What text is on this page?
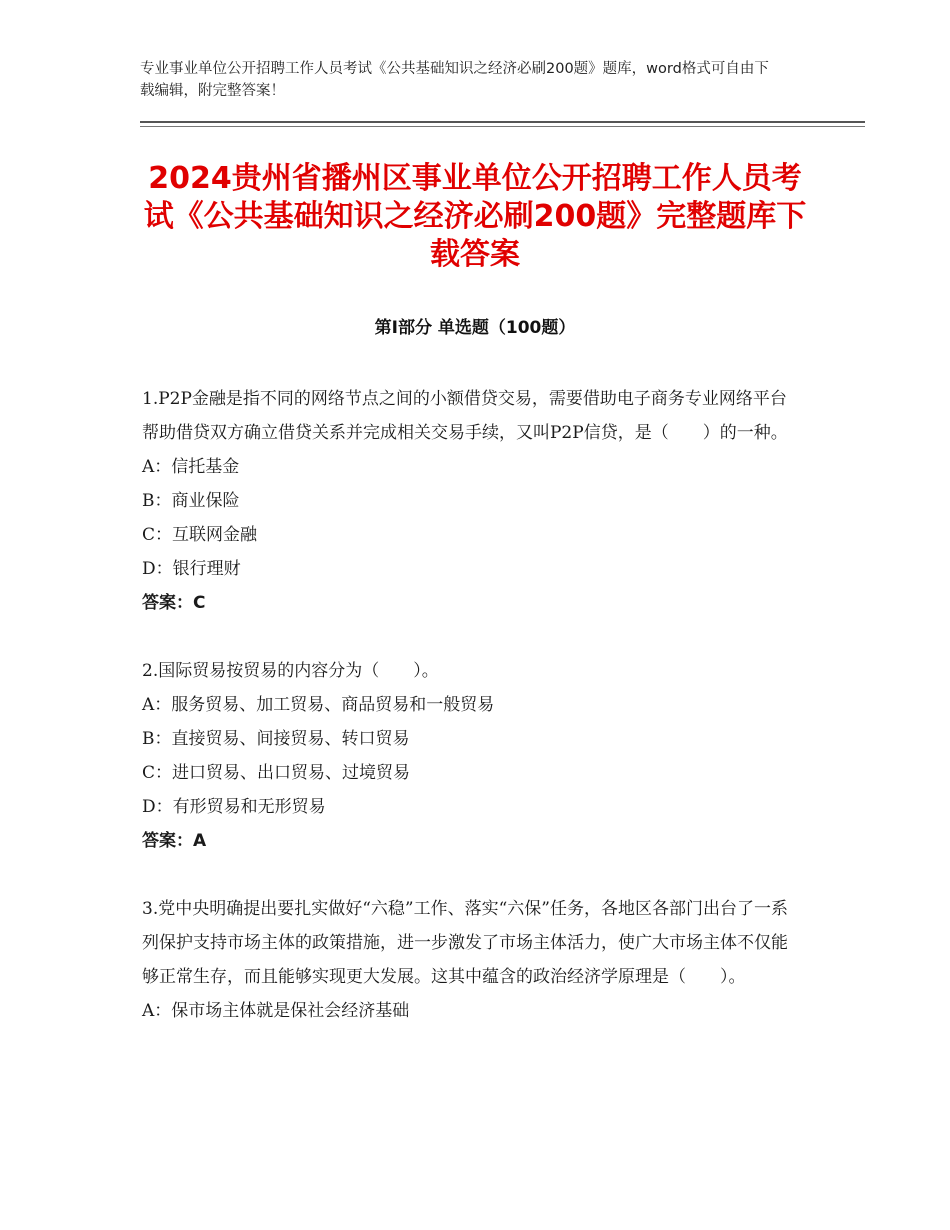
专业事业单位公开招聘工作人员考试《公共基础知识之经济必刷200题》题库，word格式可自由下载编辑，附完整答案！
2024贵州省播州区事业单位公开招聘工作人员考试《公共基础知识之经济必刷200题》完整题库下载答案
第Ⅰ部分 单选题（100题）

1.P2P金融是指不同的网络节点之间的小额借贷交易，需要借助电子商务专业网络平台帮助借贷双方确立借贷关系并完成相关交易手续，又叫P2P信贷，是（　　）的一种。

A：信托基金

B：商业保险

C：互联网金融

D：银行理财

答案：C

2.国际贸易按贸易的内容分为（　　）。

A：服务贸易、加工贸易、商品贸易和一般贸易

B：直接贸易、间接贸易、转口贸易

C：进口贸易、出口贸易、过境贸易

D：有形贸易和无形贸易

答案：A

3.党中央明确提出要扎实做好“六稳”工作、落实“六保”任务，各地区各部门出台了一系列保护支持市场主体的政策措施，进一步激发了市场主体活力，使广大市场主体不仅能够正常生存，而且能够实现更大发展。这其中蕴含的政治经济学原理是（　　）。

A：保市场主体就是保社会经济基础
